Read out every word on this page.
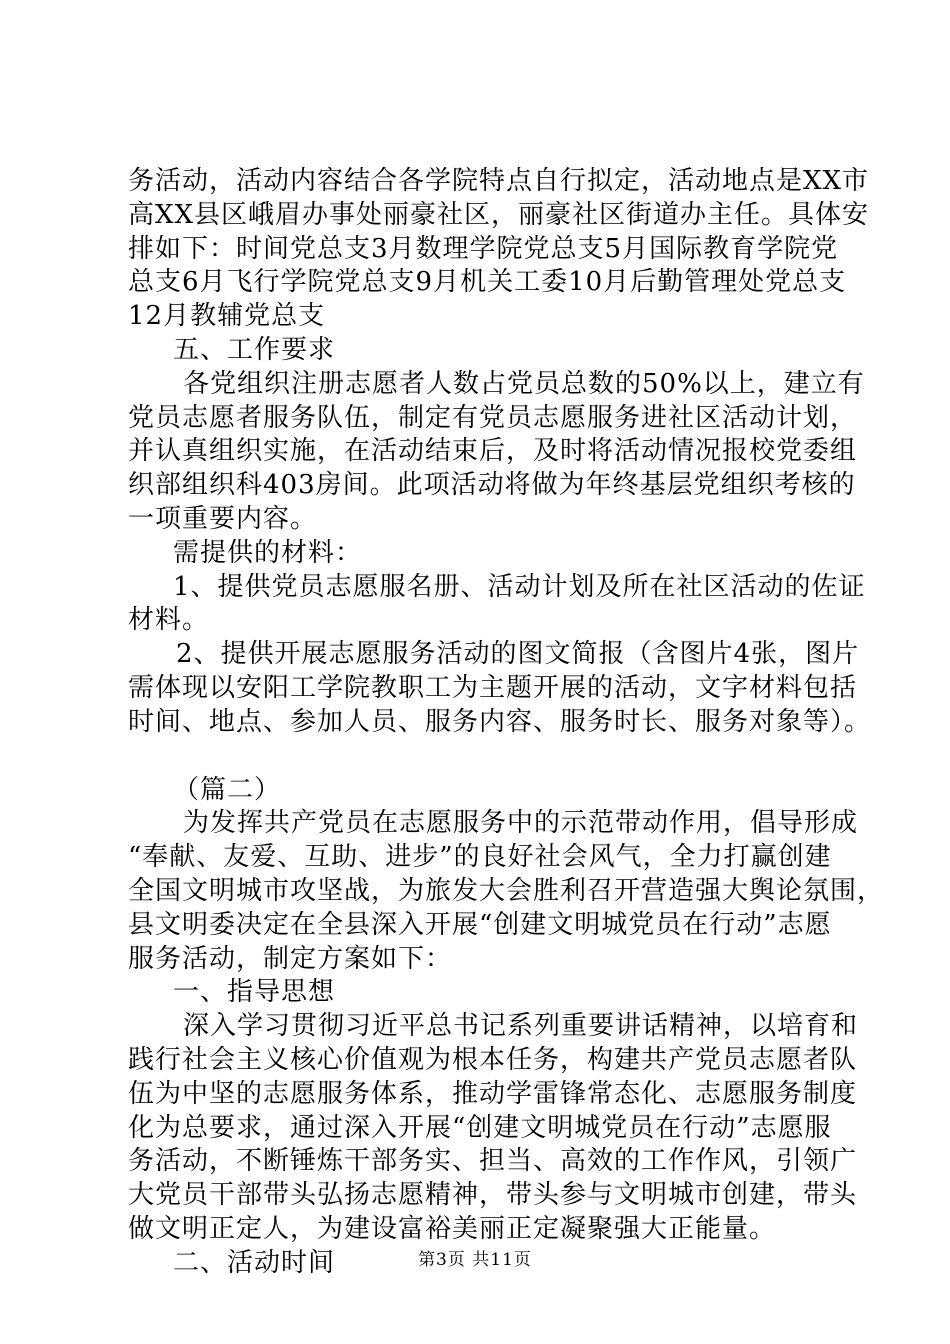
务活动，活动内容结合各学院特点自行拟定，活动地点是XX市

高XX县区峨眉办事处丽豪社区，丽豪社区街道办主任。具体安

排如下：时间党总支3月数理学院党总支5月国际教育学院党

总支6月飞行学院党总支9月机关工委10月后勤管理处党总支

12月教辅党总支

五、工作要求

各党组织注册志愿者人数占党员总数的50%以上，建立有

党员志愿者服务队伍，制定有党员志愿服务进社区活动计划，

并认真组织实施，在活动结束后，及时将活动情况报校党委组

织部组织科403房间。此项活动将做为年终基层党组织考核的

一项重要内容。

需提供的材料：

1、提供党员志愿服名册、活动计划及所在社区活动的佐证

材料。

2、提供开展志愿服务活动的图文简报（含图片4张，图片

需体现以安阳工学院教职工为主题开展的活动，文字材料包括

时间、地点、参加人员、服务内容、服务时长、服务对象等）。

（篇二）

为发挥共产党员在志愿服务中的示范带动作用，倡导形成

“奉献、友爱、互助、进步”的良好社会风气，全力打赢创建

全国文明城市攻坚战，为旅发大会胜利召开营造强大舆论氛围，

县文明委决定在全县深入开展“创建文明城党员在行动”志愿

服务活动，制定方案如下：

一、指导思想

深入学习贯彻习近平总书记系列重要讲话精神，以培育和

践行社会主义核心价值观为根本任务，构建共产党员志愿者队

伍为中坚的志愿服务体系，推动学雷锋常态化、志愿服务制度

化为总要求，通过深入开展“创建文明城党员在行动”志愿服

务活动，不断锤炼干部务实、担当、高效的工作作风，引领广

大党员干部带头弘扬志愿精神，带头参与文明城市创建，带头

做文明正定人，为建设富裕美丽正定凝聚强大正能量。

二、活动时间	第3页 共11页
